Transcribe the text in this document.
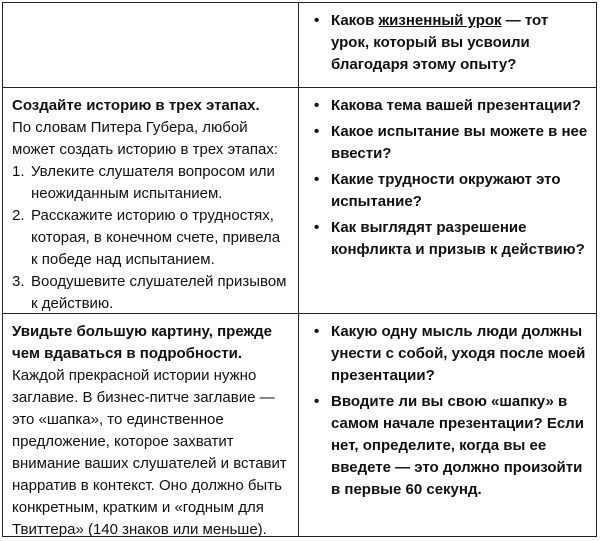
• Каков жизненный урок — тот урок, который вы усвоили благодаря этому опыту?

Создайте историю в трех этапах.

По словам Питера Губера, любой может создать историю в трех этапах:

1. Увлеките слушателя вопросом или неожиданным испытанием.
2. Расскажите историю о трудностях, которая, в конечном счете, привела к победе над испытанием.
3. Воодушевите слушателей призывом к действию.
• Какова тема вашей презентации?
• Какое испытание вы можете в нее ввести?
• Какие трудности окружают это испытание?
• Как выглядят разрешение конфликта и призыв к действию?

Увидьте большую картину, прежде чем вдаваться в подробности.

Каждой прекрасной истории нужно заглавие. В бизнес-питче заглавие — это «шапка», то единственное предложение, которое захватит внимание ваших слушателей и вставит нарратив в контекст. Оно должно быть конкретным, кратким и «годным для Твиттера» (140 знаков или меньше).

• Какую одну мысль люди должны унести с собой, уходя после моей презентации?
• Вводите ли вы свою «шапку» в самом начале презентации? Если нет, определите, когда вы ее введете — это должно произойти в первые 60 секунд.
